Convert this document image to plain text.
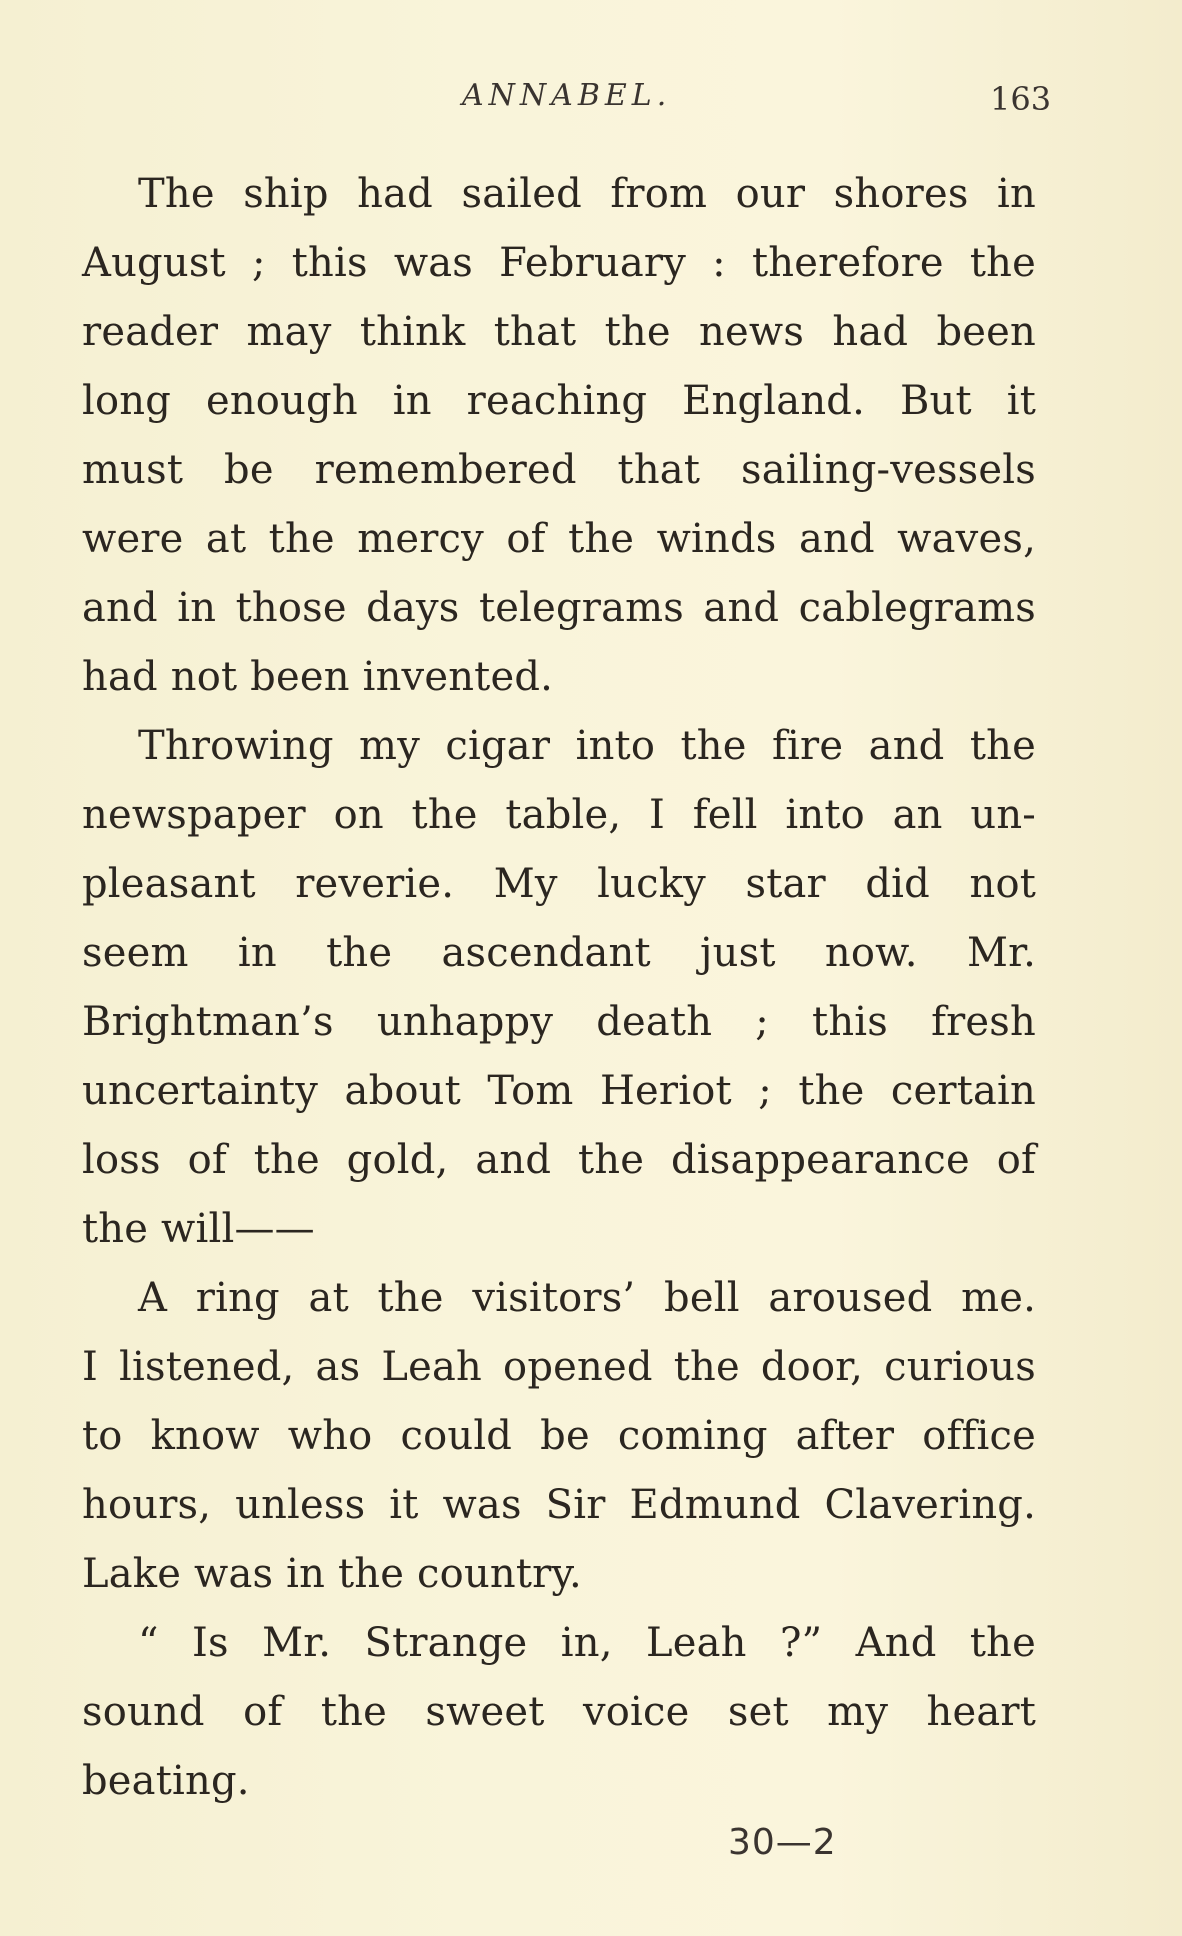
ANNABEL.	163
The ship had sailed from our shores in
August ; this was February : therefore the
reader may think that the news had been
long enough in reaching England. But it
must be remembered that sailing-vessels
were at the mercy of the winds and waves,
and in those days telegrams and cablegrams
had not been invented.
Throwing my cigar into the fire and the
newspaper on the table, I fell into an un-
pleasant reverie. My lucky star did not
seem in the ascendant just now. Mr.
Brightman’s unhappy death ; this fresh
uncertainty about Tom Heriot ; the certain
loss of the gold, and the disappearance of
the will——
A ring at the visitors’ bell aroused me.
I listened, as Leah opened the door, curious
to know who could be coming after office
hours, unless it was Sir Edmund Clavering.
Lake was in the country.
“ Is Mr. Strange in, Leah ?” And the
sound of the sweet voice set my heart
beating.
30—2
